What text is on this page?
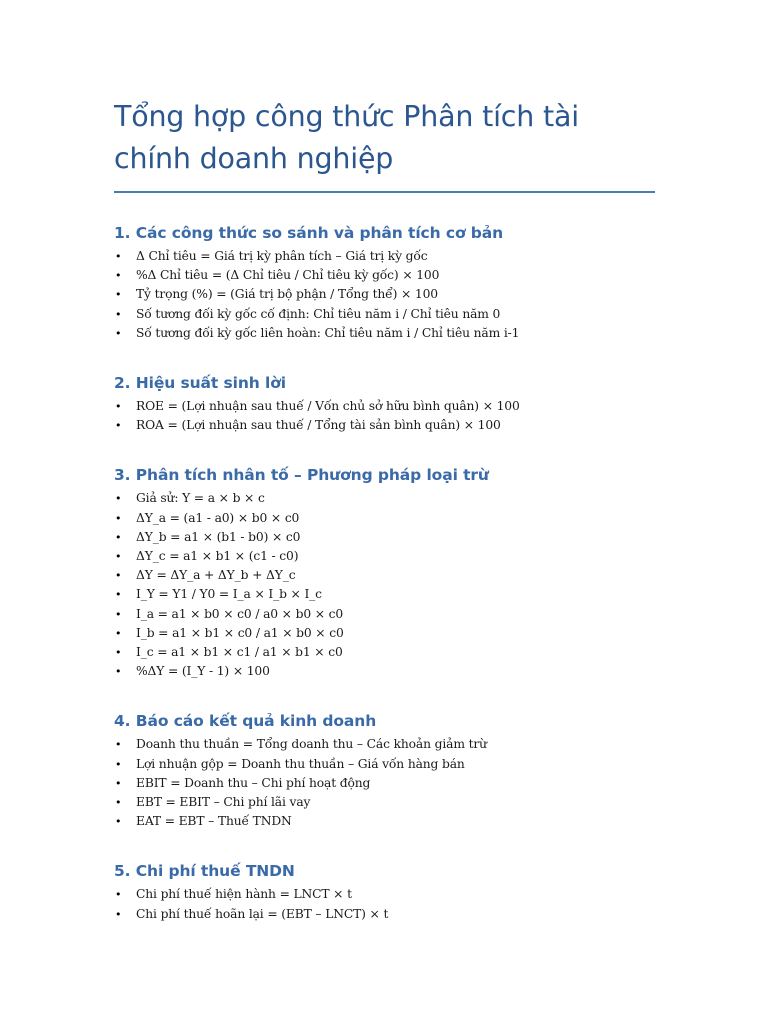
Tổng hợp công thức Phân tích tài chính doanh nghiệp
1. Các công thức so sánh và phân tích cơ bản
• Δ Chỉ tiêu = Giá trị kỳ phân tích – Giá trị kỳ gốc
• %Δ Chỉ tiêu = (Δ Chỉ tiêu / Chỉ tiêu kỳ gốc) × 100
• Tỷ trọng (%) = (Giá trị bộ phận / Tổng thể) × 100
• Số tương đối kỳ gốc cố định: Chỉ tiêu năm i / Chỉ tiêu năm 0
• Số tương đối kỳ gốc liên hoàn: Chỉ tiêu năm i / Chỉ tiêu năm i-1
2. Hiệu suất sinh lời
• ROE = (Lợi nhuận sau thuế / Vốn chủ sở hữu bình quân) × 100
• ROA = (Lợi nhuận sau thuế / Tổng tài sản bình quân) × 100
3. Phân tích nhân tố – Phương pháp loại trừ
• Giả sử: Y = a × b × c
• ΔY_a = (a1 - a0) × b0 × c0
• ΔY_b = a1 × (b1 - b0) × c0
• ΔY_c = a1 × b1 × (c1 - c0)
• ΔY = ΔY_a + ΔY_b + ΔY_c
• I_Y = Y1 / Y0 = I_a × I_b × I_c
• I_a = a1 × b0 × c0 / a0 × b0 × c0
• I_b = a1 × b1 × c0 / a1 × b0 × c0
• I_c = a1 × b1 × c1 / a1 × b1 × c0
• %ΔY = (I_Y - 1) × 100
4. Báo cáo kết quả kinh doanh
• Doanh thu thuần = Tổng doanh thu – Các khoản giảm trừ
• Lợi nhuận gộp = Doanh thu thuần – Giá vốn hàng bán
• EBIT = Doanh thu – Chi phí hoạt động
• EBT = EBIT – Chi phí lãi vay
• EAT = EBT – Thuế TNDN
5. Chi phí thuế TNDN
• Chi phí thuế hiện hành = LNCT × t
• Chi phí thuế hoãn lại = (EBT – LNCT) × t
